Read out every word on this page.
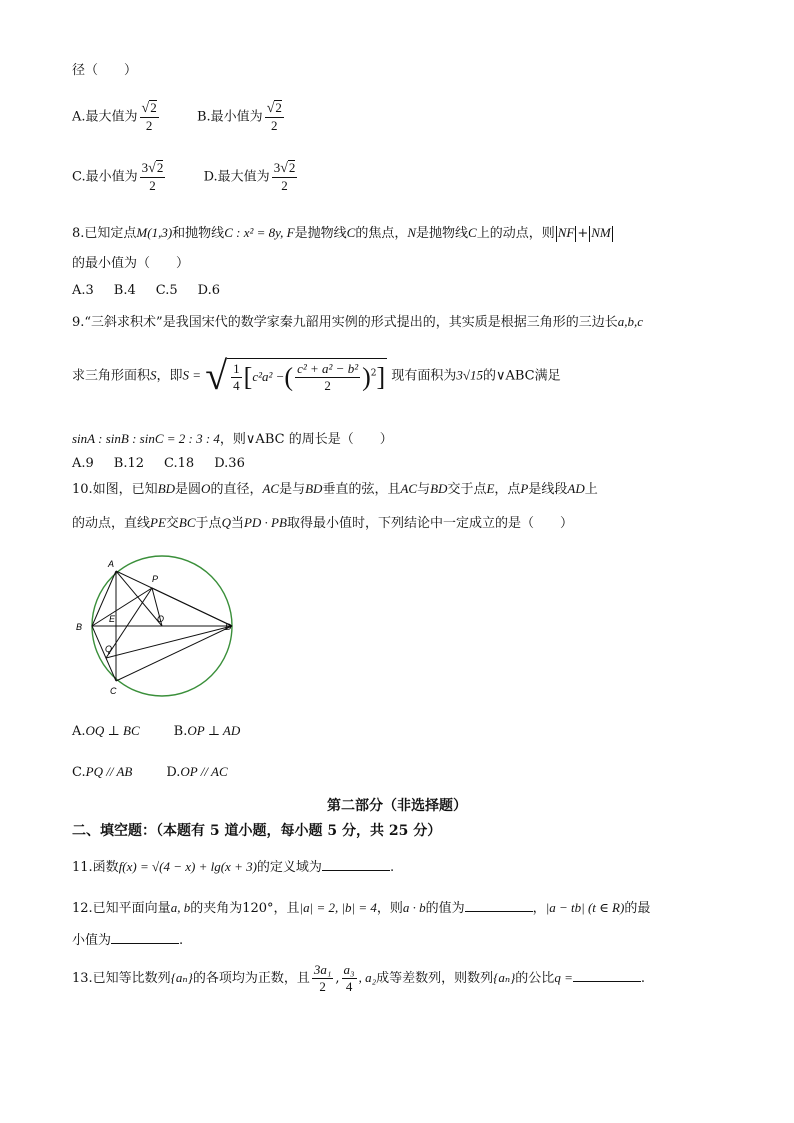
径（　　）
A.最大值为 $\frac{√2}{2}$	B.最小值为 $\frac{√2}{2}$
C.最小值为 $\frac{3√2}{2}$	D.最大值为 $\frac{3√2}{2}$
8.已知定点M(1,3)和抛物线C : x² = 8y, F是抛物线C的焦点，N是抛物线C上的动点，则 NF + NM
的最小值为（　　）
A.3 B.4 C.5 D.6
9.“三斜求积术”是我国宋代的数学家秦九韶用实例的形式提出的，其实质是根据三角形的三边长a,b,c
求三角形面积S，即S = √ $\frac{1}{4} [c^2a^2$ −( $\frac{\text{c² + a² − b²}}{2} )^2$] 现有面积为3√15的∨ABC满足
sinA : sinB : sinC = 2 : 3 : 4，则∨ABC 的周长是（　　）
A.9 B.12 C.18 D.36
10.如图，已知BD是圆O的直径，AC是与BD垂直的弦，且AC与BD交于点E，点P是线段AD上
的动点，直线PE交BC于点Q当PD · PB取得最小值时，下列结论中一定成立的是（　　）
A
P
B
E	O
D
Q
C
A.OQ ⊥ BC	B.OP ⊥ AD
C.PQ // AB	D.OP // AC
第二部分（非选择题）
二、填空题：（本题有 5 道小题，每小题 5 分，共 25 分）
11.函数f(x) = √(4 − x) + lg(x + 3)的定义域为	.
12.已知平面向量a, b的夹角为120°，且|a| = 2, |b| = 4，则a · b的值为	，|a − tb| (t ∈ R)的最
小值为	.
13.已知等比数列{aₙ}的各项均为正数，且 $\frac{\text{3a₁}}{2}$ , $\frac{\text{a₃}}{4}$ , a₂成等差数列，则数列{aₙ}的公比q =	.
